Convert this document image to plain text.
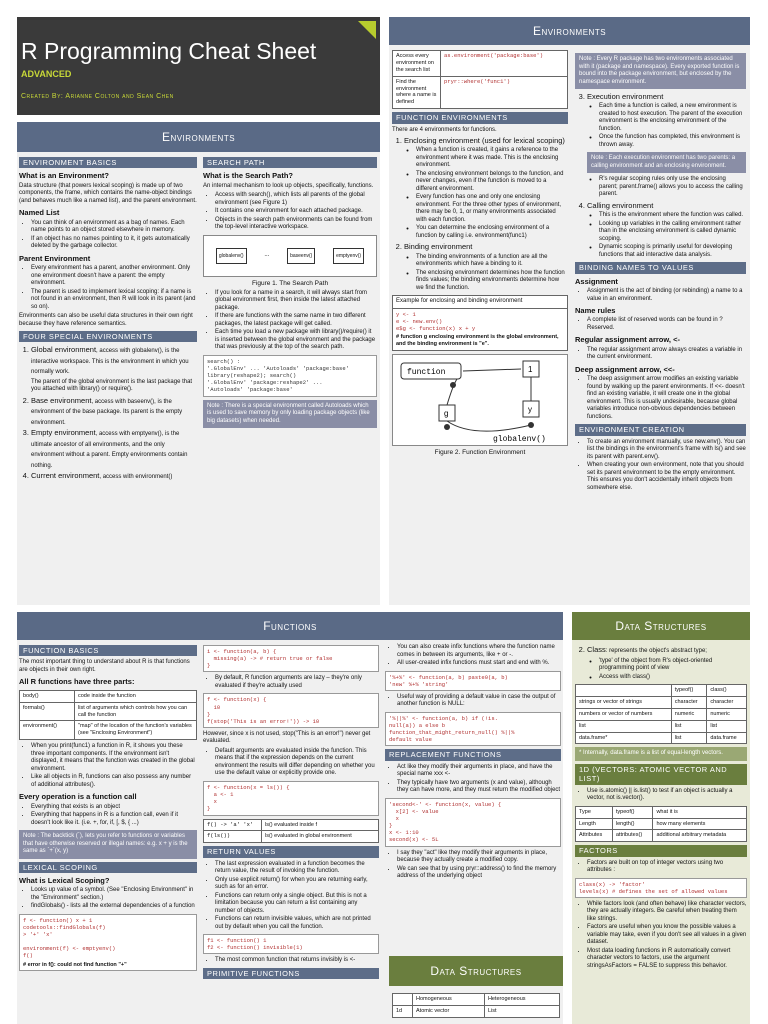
R Programming Cheat Sheet
ADVANCED
Created By: Arianne Colton and Sean Chen
Environments
ENVIRONMENT BASICS
What is an Environment?

Data structure (that powers lexical scoping) is made up of two components, the frame, which contains the name-object bindings (and behaves much like a named list), and the parent environment.

Named List
• You can think of an environment as a bag of names. Each name points to an object stored elsewhere in memory.
• If an object has no names pointing to it, it gets automatically deleted by the garbage collector.
Parent Environment
• Every environment has a parent, another environment. Only one environment doesn't have a parent: the empty environment.
• The parent is used to implement lexical scoping: if a name is not found in an environment, then R will look in its parent (and so on).

Environments can also be useful data structures in their own right because they have reference semantics.

FOUR SPECIAL ENVIRONMENTS
1. Global environment, access with globalenv(), is the interactive workspace. This is the environment in which you normally work.

The parent of the global environment is the last package that you attached with library() or require().

2. Base environment, access with baseenv(), is the environment of the base package. Its parent is the empty environment.
3. Empty environment, access with emptyenv(), is the ultimate ancestor of all environments, and the only environment without a parent. Empty environments contain nothing.
4. Current environment, access with environment()
SEARCH PATH
What is the Search Path?

An internal mechanism to look up objects, specifically, functions.

• Access with search(), which lists all parents of the global environment (see Figure 1)
• It contains one environment for each attached package.
• Objects in the search path environments can be found from the top-level interactive workspace.
globalenv()	...	baseenv()	emptyenv()
Figure 1. The Search Path
• If you look for a name in a search, it will always start from global environment first, then inside the latest attached package.
• If there are functions with the same name in two different packages, the latest package will get called.
• Each time you load a new package with library()/require() it is inserted between the global environment and the package that was previously at the top of the search path.
search() :
'.GlobalEnv' ... 'Autoloads' 'package:base'
library(reshape2); search()
'.GlobalEnv' 'package:reshape2' ...
'Autoloads' 'package:base'
Note : There is a special environment called Autoloads which is used to save memory by only loading package objects (like big datasets) when needed.
Environments
Access every environment on the search list	as.environment('package:base')
Find the environment where a name is defined	pryr::where('func1')
FUNCTION ENVIRONMENTS

There are 4 environments for functions.

1. Enclosing environment (used for lexical scoping)
◦ When a function is created, it gains a reference to the environment where it was made. This is the enclosing environment.
◦ The enclosing environment belongs to the function, and never changes, even if the function is moved to a different environment.
◦ Every function has one and only one enclosing environment. For the three other types of environment, there may be 0, 1, or many environments associated with each function.
◦ You can determine the enclosing environment of a function by calling i.e. environment(func1)
2. Binding environment
◦ The binding environments of a function are all the environments which have a binding to it.
◦ The enclosing environment determines how the function finds values; the binding environments determine how we find the function.
Example for enclosing and binding environment
y <- 1
e <- new.env()
e$g <- function(x) x + y
# function g enclosing environment is the global environment, and the binding environment is "e".
function	1
g	y
globalenv()
Figure 2. Function Environment
Note : Every R package has two environments associated with it (package and namespace). Every exported function is bound into the package environment, but enclosed by the namespace environment.
3. Execution environment
◦ Each time a function is called, a new environment is created to host execution. The parent of the execution environment is the enclosing environment of the function.
◦ Once the function has completed, this environment is thrown away.
Note : Each execution environment has two parents: a calling environment and an enclosing environment.
◦ R's regular scoping rules only use the enclosing parent; parent.frame() allows you to access the calling parent.
4. Calling environment
◦ This is the environment where the function was called.
◦ Looking up variables in the calling environment rather than in the enclosing environment is called dynamic scoping.
◦ Dynamic scoping is primarily useful for developing functions that aid interactive data analysis.
BINDING NAMES TO VALUES
Assignment
• Assignment is the act of binding (or rebinding) a name to a value in an environment.
Name rules
• A complete list of reserved words can be found in ?Reserved.
Regular assignment arrow, <-
• The regular assignment arrow always creates a variable in the current environment.
Deep assignment arrow, <<-
• The deep assignment arrow modifies an existing variable found by walking up the parent environments. If <<- doesn't find an existing variable, it will create one in the global environment. This is usually undesirable, because global variables introduce non-obvious dependencies between functions.
ENVIRONMENT CREATION
• To create an environment manually, use new.env(). You can list the bindings in the environment's frame with ls() and see its parent with parent.env().
• When creating your own environment, note that you should set its parent environment to be the empty environment. This ensures you don't accidentally inherit objects from somewhere else.
Functions
FUNCTION BASICS

The most important thing to understand about R is that functions are objects in their own right.

All R functions have three parts:
body()	code inside the function
formals()	list of arguments which controls how you can call the function
environment()	"map" of the location of the function's variables (see "Enclosing Environment")
• When you print(func1) a function in R, it shows you these three important components. If the environment isn't displayed, it means that the function was created in the global environment.
• Like all objects in R, functions can also possess any number of additional attributes().
Every operation is a function call
• Everything that exists is an object
• Everything that happens in R is a function call, even if it doesn't look like it. (i.e. +, for, if, [, $, { ...)
Note : The backtick (`), lets you refer to functions or variables that have otherwise reserved or illegal names: e.g. x + y is the same as `+`(x, y)
LEXICAL SCOPING
What is Lexical Scoping?
• Looks up value of a symbol. (See "Enclosing Environment" in the "Environment" section.)
• findGlobals() - lists all the external dependencies of a function
f <- function() x + 1
codetools::findGlobals(f)
> '+' 'x'

environment(f) <- emptyenv()
f()
# error in f(): could not find function "+"
i <- function(a, b) {
missing(a) -> # return true or false
}
• By default, R function arguments are lazy – they're only evaluated if they're actually used
f <- function(x) {
10
}
f(stop('This is an error!')) -> 10

However, since x is not used, stop("This is an error!") never get evaluated.

• Default arguments are evaluated inside the function. This means that if the expression depends on the current environment the results will differ depending on whether you use the default value or explicitly provide one.
f <- function(x = ls()) {
a <- 1
x
}
f() -> 'a' 'x'	ls() evaluated inside f
f(ls())	ls() evaluated in global environment
RETURN VALUES
• The last expression evaluated in a function becomes the return value, the result of invoking the function.
• Only use explicit return() for when you are returning early, such as for an error.
• Functions can return only a single object. But this is not a limitation because you can return a list containing any number of objects.
• Functions can return invisible values, which are not printed out by default when you call the function.
f1 <- function() 1
f2 <- function() invisible(1)
• The most common function that returns invisibly is <-
PRIMITIVE FUNCTIONS
• You can also create infix functions where the function name comes in between its arguments, like + or -.
• All user-created infix functions must start and end with %.
'%+%' <- function(a, b) paste0(a, b)
'new' %+% 'string'
• Useful way of providing a default value in case the output of another function is NULL:
'%||%' <- function(a, b) if (!is.
null(a)) a else b
function_that_might_return_null() %||%
default value
REPLACEMENT FUNCTIONS
• Act like they modify their arguments in place, and have the special name xxx <-
• They typically have two arguments (x and value), although they can have more, and they must return the modified object
'second<-' <- function(x, value) {
x[2] <- value
x
}
x <- 1:10
second(x) <- 5L
• I say they "act" like they modify their arguments in place, because they actually create a modified copy.
• We can see that by using pryr::address() to find the memory address of the underlying object
Data Structures
	Homogeneous	Heterogeneous
1d	Atomic vector	List
Data Structures
2. Class: represents the object's abstract type;
◦ 'type' of the object from R's object-oriented programming point of view
◦ Access with class()
	typeof()	class()
strings or vector of strings	character	character
numbers or vector of numbers	numeric	numeric
list	list	list
data.frame*	list	data.frame
* Internally, data.frame is a list of equal-length vectors.
1D (VECTORS: ATOMIC VECTOR AND LIST)
• Use is.atomic() || is.list() to test if an object is actually a vector, not is.vector().
Type	typeof()	what it is
Length	length()	how many elements
Attributes	attributes()	additional arbitrary metadata
FACTORS
• Factors are built on top of integer vectors using two attributes :
class(x) -> 'factor'
levels(x) # defines the set of allowed values
• While factors look (and often behave) like character vectors, they are actually integers. Be careful when treating them like strings.
• Factors are useful when you know the possible values a variable may take, even if you don't see all values in a given dataset.
• Most data loading functions in R automatically convert character vectors to factors, use the argument stringsAsFactors = FALSE to suppress this behavior.
